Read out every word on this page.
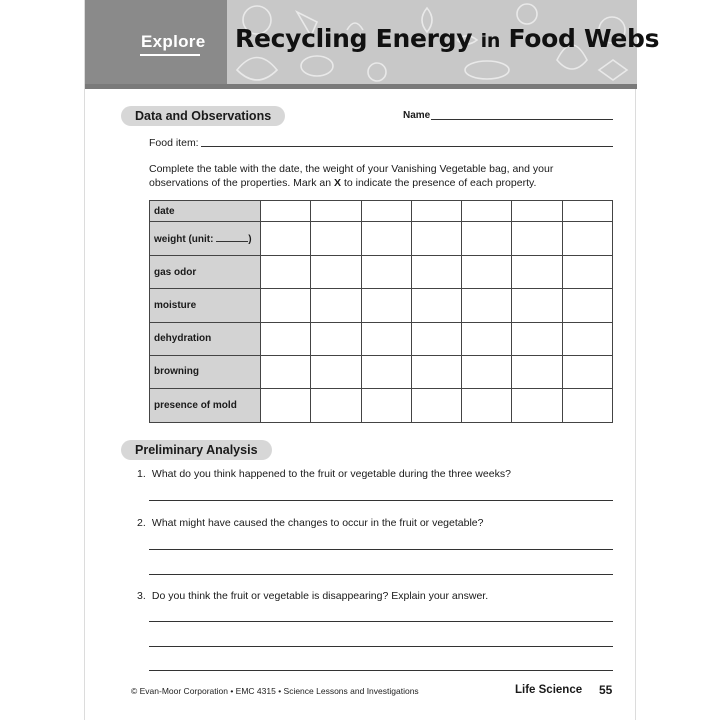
Explore Recycling Energy in Food Webs
Data and Observations	Name
Food item:
Complete the table with the date, the weight of your Vanishing Vegetable bag, and your observations of the properties. Mark an X to indicate the presence of each property.
date							
weight (unit: )							
gas odor							
moisture							
dehydration							
browning							
presence of mold							
Preliminary Analysis
1. What do you think happened to the fruit or vegetable during the three weeks?
2. What might have caused the changes to occur in the fruit or vegetable?
3. Do you think the fruit or vegetable is disappearing? Explain your answer.
© Evan-Moor Corporation • EMC 4315 • Science Lessons and Investigations	Life Science 55
